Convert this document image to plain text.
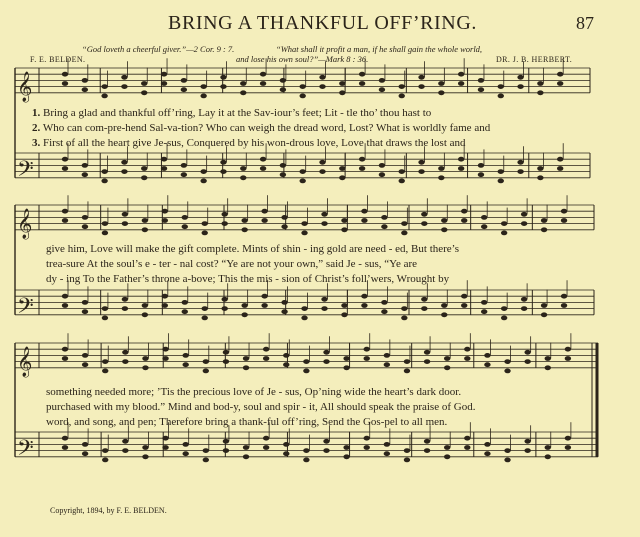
BRING A THANKFUL OFF’RING.	87
“God loveth a cheerful giver.”—2 Cor. 9 : 7.	“What shall it profit a man, if he shall gain the whole world,
and lose his own soul?”—Mark 8 : 36.
F. E. BELDEN.	DR. J. B. HERBERT.
𝄞
𝄢
𝄞
𝄢
𝄞
𝄢
1. Bring a glad and thankful off’ring, Lay it at the Sav-iour’s feet; Lit - tle tho’ thou hast to
2. Who can com-pre-hend Sal-va-tion? Who can weigh the dread word, Lost? What is worldly fame and
3. First of all the heart give Je-sus, Conquered by his won-drous love, Love that draws the lost and
give him, Love will make the gift complete. Mints of shin - ing gold are need - ed, But there’s
trea-sure At the soul’s e - ter - nal cost? “Ye are not your own,” said Je - sus, “Ye are
dy - ing To the Father’s throne a-bove; This the mis - sion of Christ’s foll’wers, Wrought by
something needed more; ’Tis the precious love of Je - sus, Op’ning wide the heart’s dark door.
purchased with my blood.” Mind and bod-y, soul and spir - it, All should speak the praise of God.
word, and song, and pen; Therefore bring a thank-ful off’ring, Send the Gos-pel to all men.
Copyright, 1894, by F. E. BELDEN.
